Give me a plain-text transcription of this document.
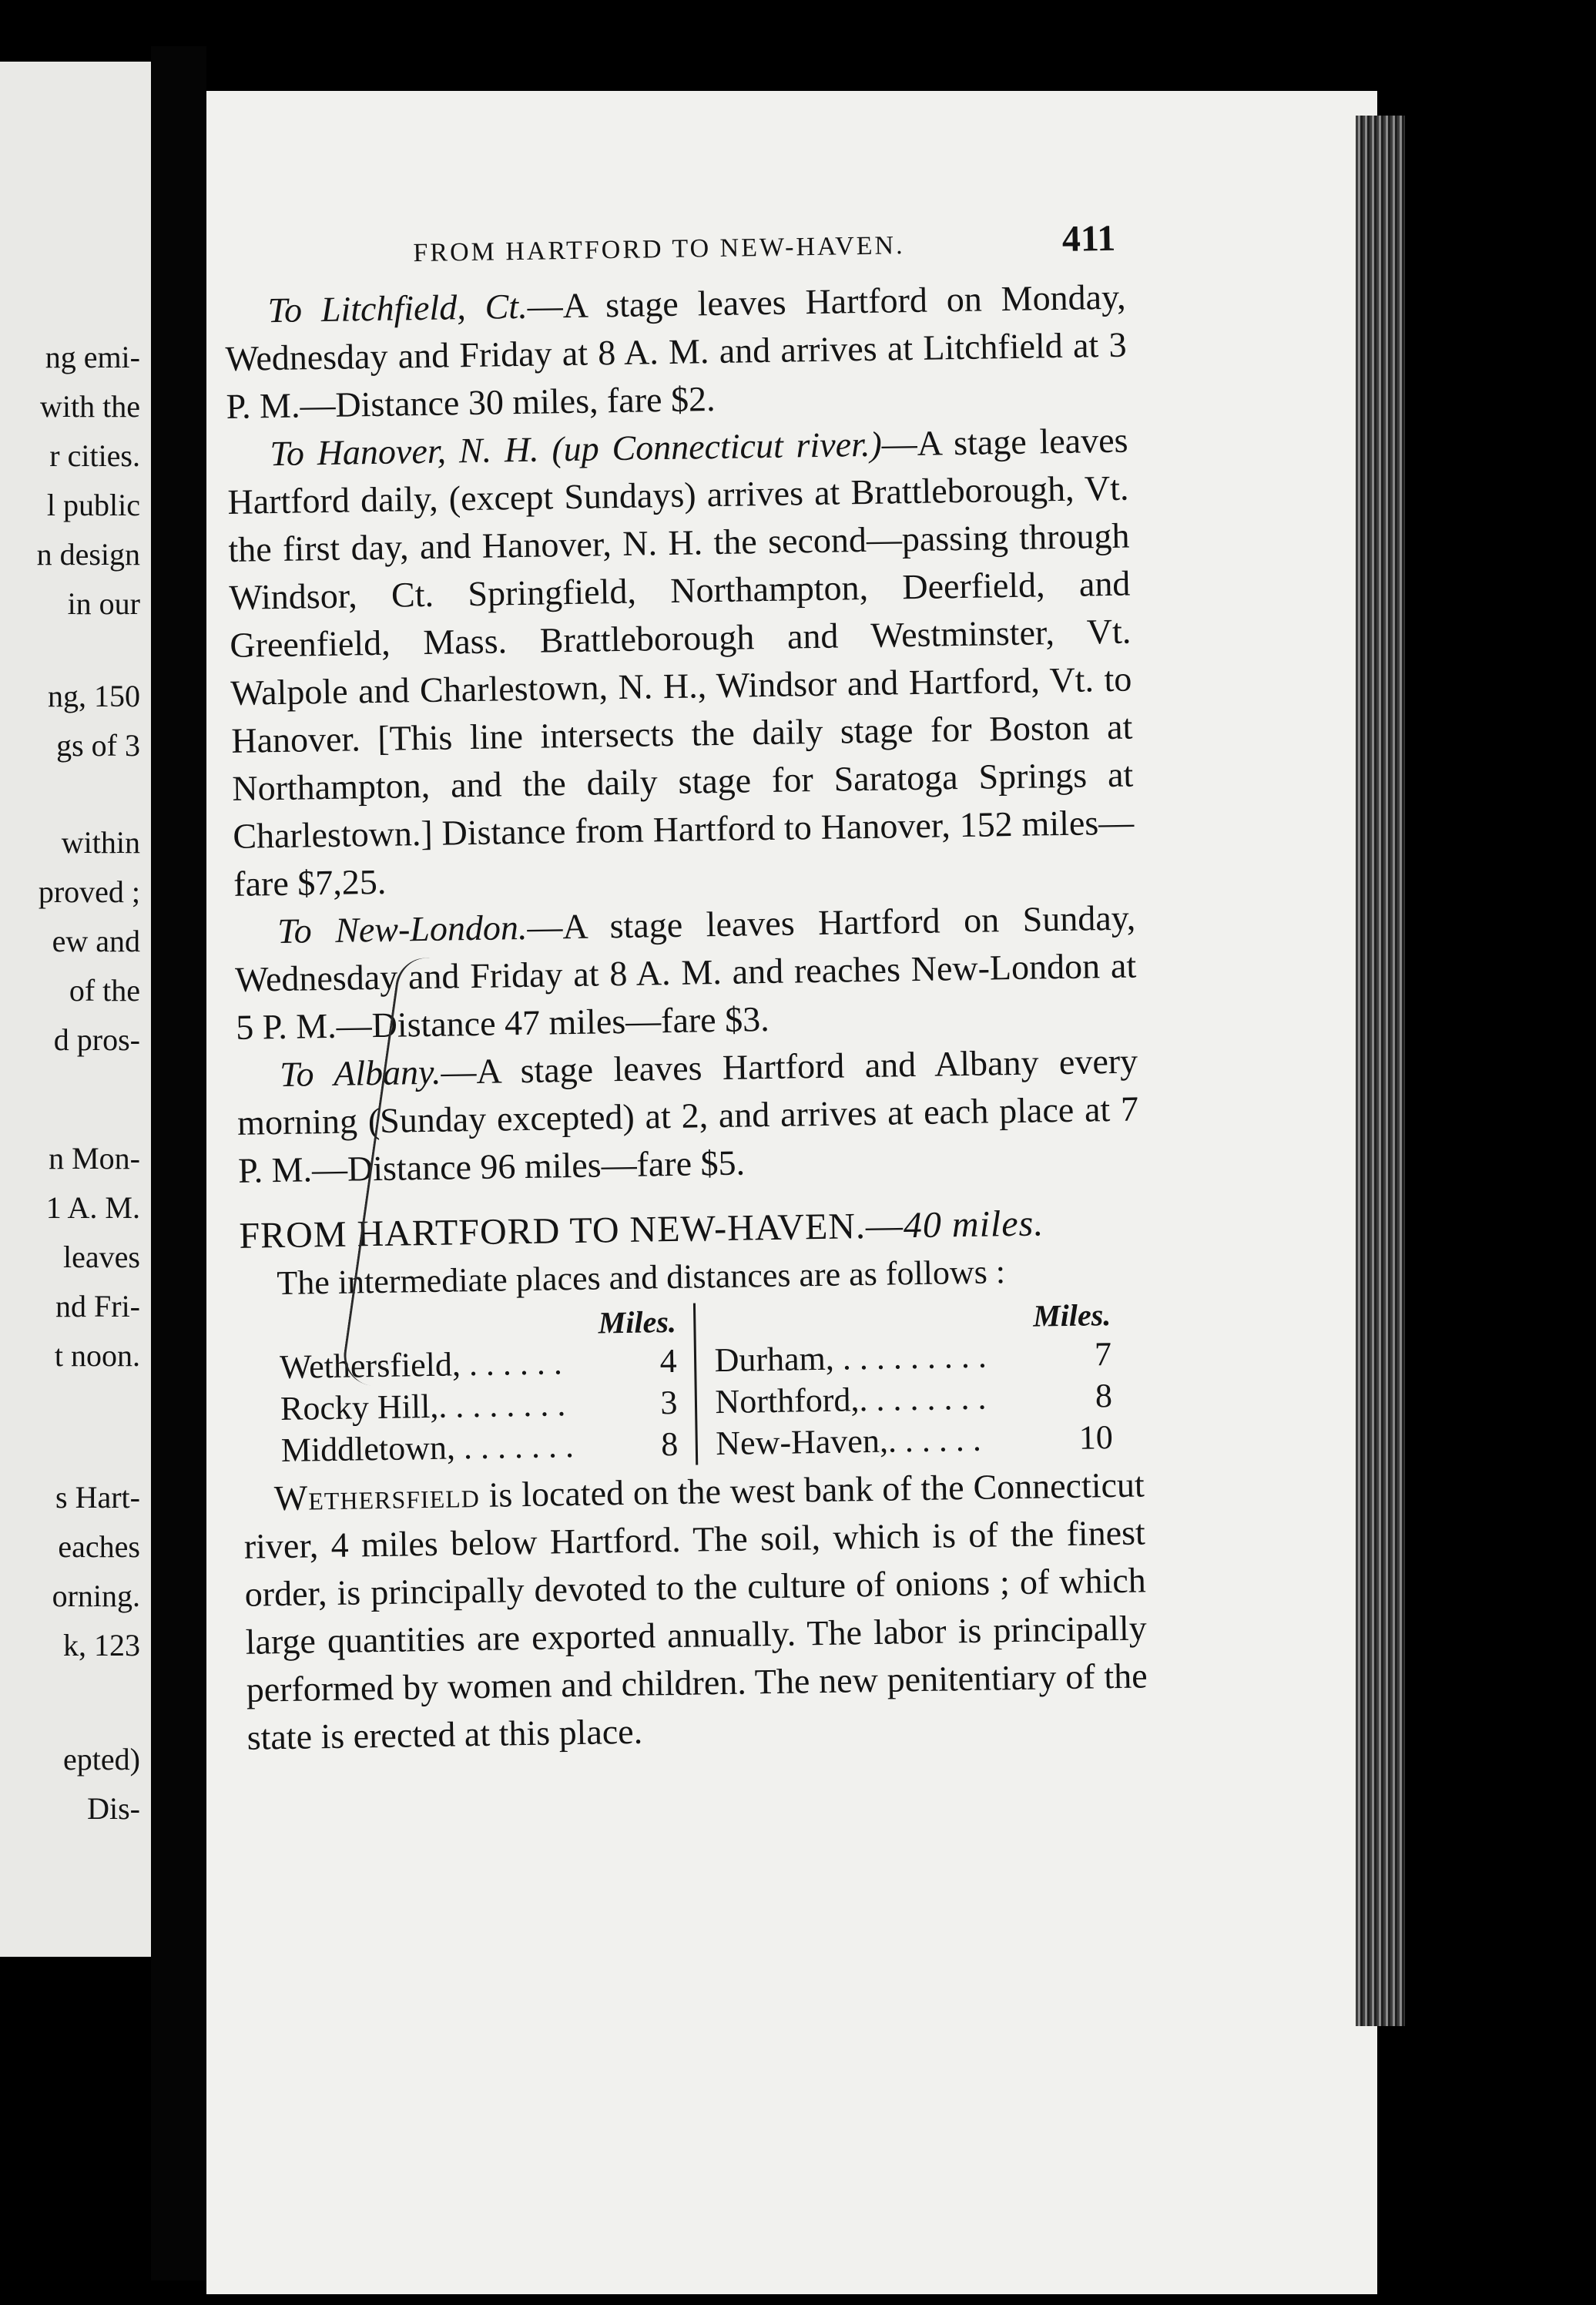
ng emi-
with the
r cities.
l public
n design
in our
ng, 150
gs of 3
within
proved ;
ew and
of the
d pros-
n Mon-
1 A. M.
leaves
nd Fri-
t noon.
s Hart-
eaches
orning.
k, 123
epted)
Dis-
FROM HARTFORD TO NEW-HAVEN.	411

To Litchfield, Ct.—A stage leaves Hartford on Monday, Wednesday and Friday at 8 A. M. and arrives at Litchfield at 3 P. M.—Distance 30 miles, fare $2.

To Hanover, N. H. (up Connecticut river.)—A stage leaves Hartford daily, (except Sundays) arrives at Brattleborough, Vt. the first day, and Hanover, N. H. the second—passing through Windsor, Ct. Springfield, Northampton, Deerfield, and Greenfield, Mass. Brattleborough and Westminster, Vt. Walpole and Charlestown, N. H., Windsor and Hartford, Vt. to Hanover. [This line intersects the daily stage for Boston at Northampton, and the daily stage for Saratoga Springs at Charlestown.] Distance from Hartford to Hanover, 152 miles—fare $7,25.

To New-London.—A stage leaves Hartford on Sunday, Wednesday and Friday at 8 A. M. and reaches New-London at 5 P. M.—Distance 47 miles—fare $3.

To Albany.—A stage leaves Hartford and Albany every morning (Sunday excepted) at 2, and arrives at each place at 7 P. M.—Distance 96 miles—fare $5.

FROM HARTFORD TO NEW-HAVEN.—40 miles.

The intermediate places and distances are as follows :

Miles.
Wethersfield, . . . . . .	4
Rocky Hill,. . . . . . . .	3
Middletown, . . . . . . .	8
Miles.
Durham, . . . . . . . . .	7
Northford,. . . . . . . .	8
New-Haven,. . . . . .	10

Wethersfield is located on the west bank of the Connecticut river, 4 miles below Hartford. The soil, which is of the finest order, is principally devoted to the culture of onions ; of which large quantities are exported annually. The labor is principally performed by women and children. The new penitentiary of the state is erected at this place.
